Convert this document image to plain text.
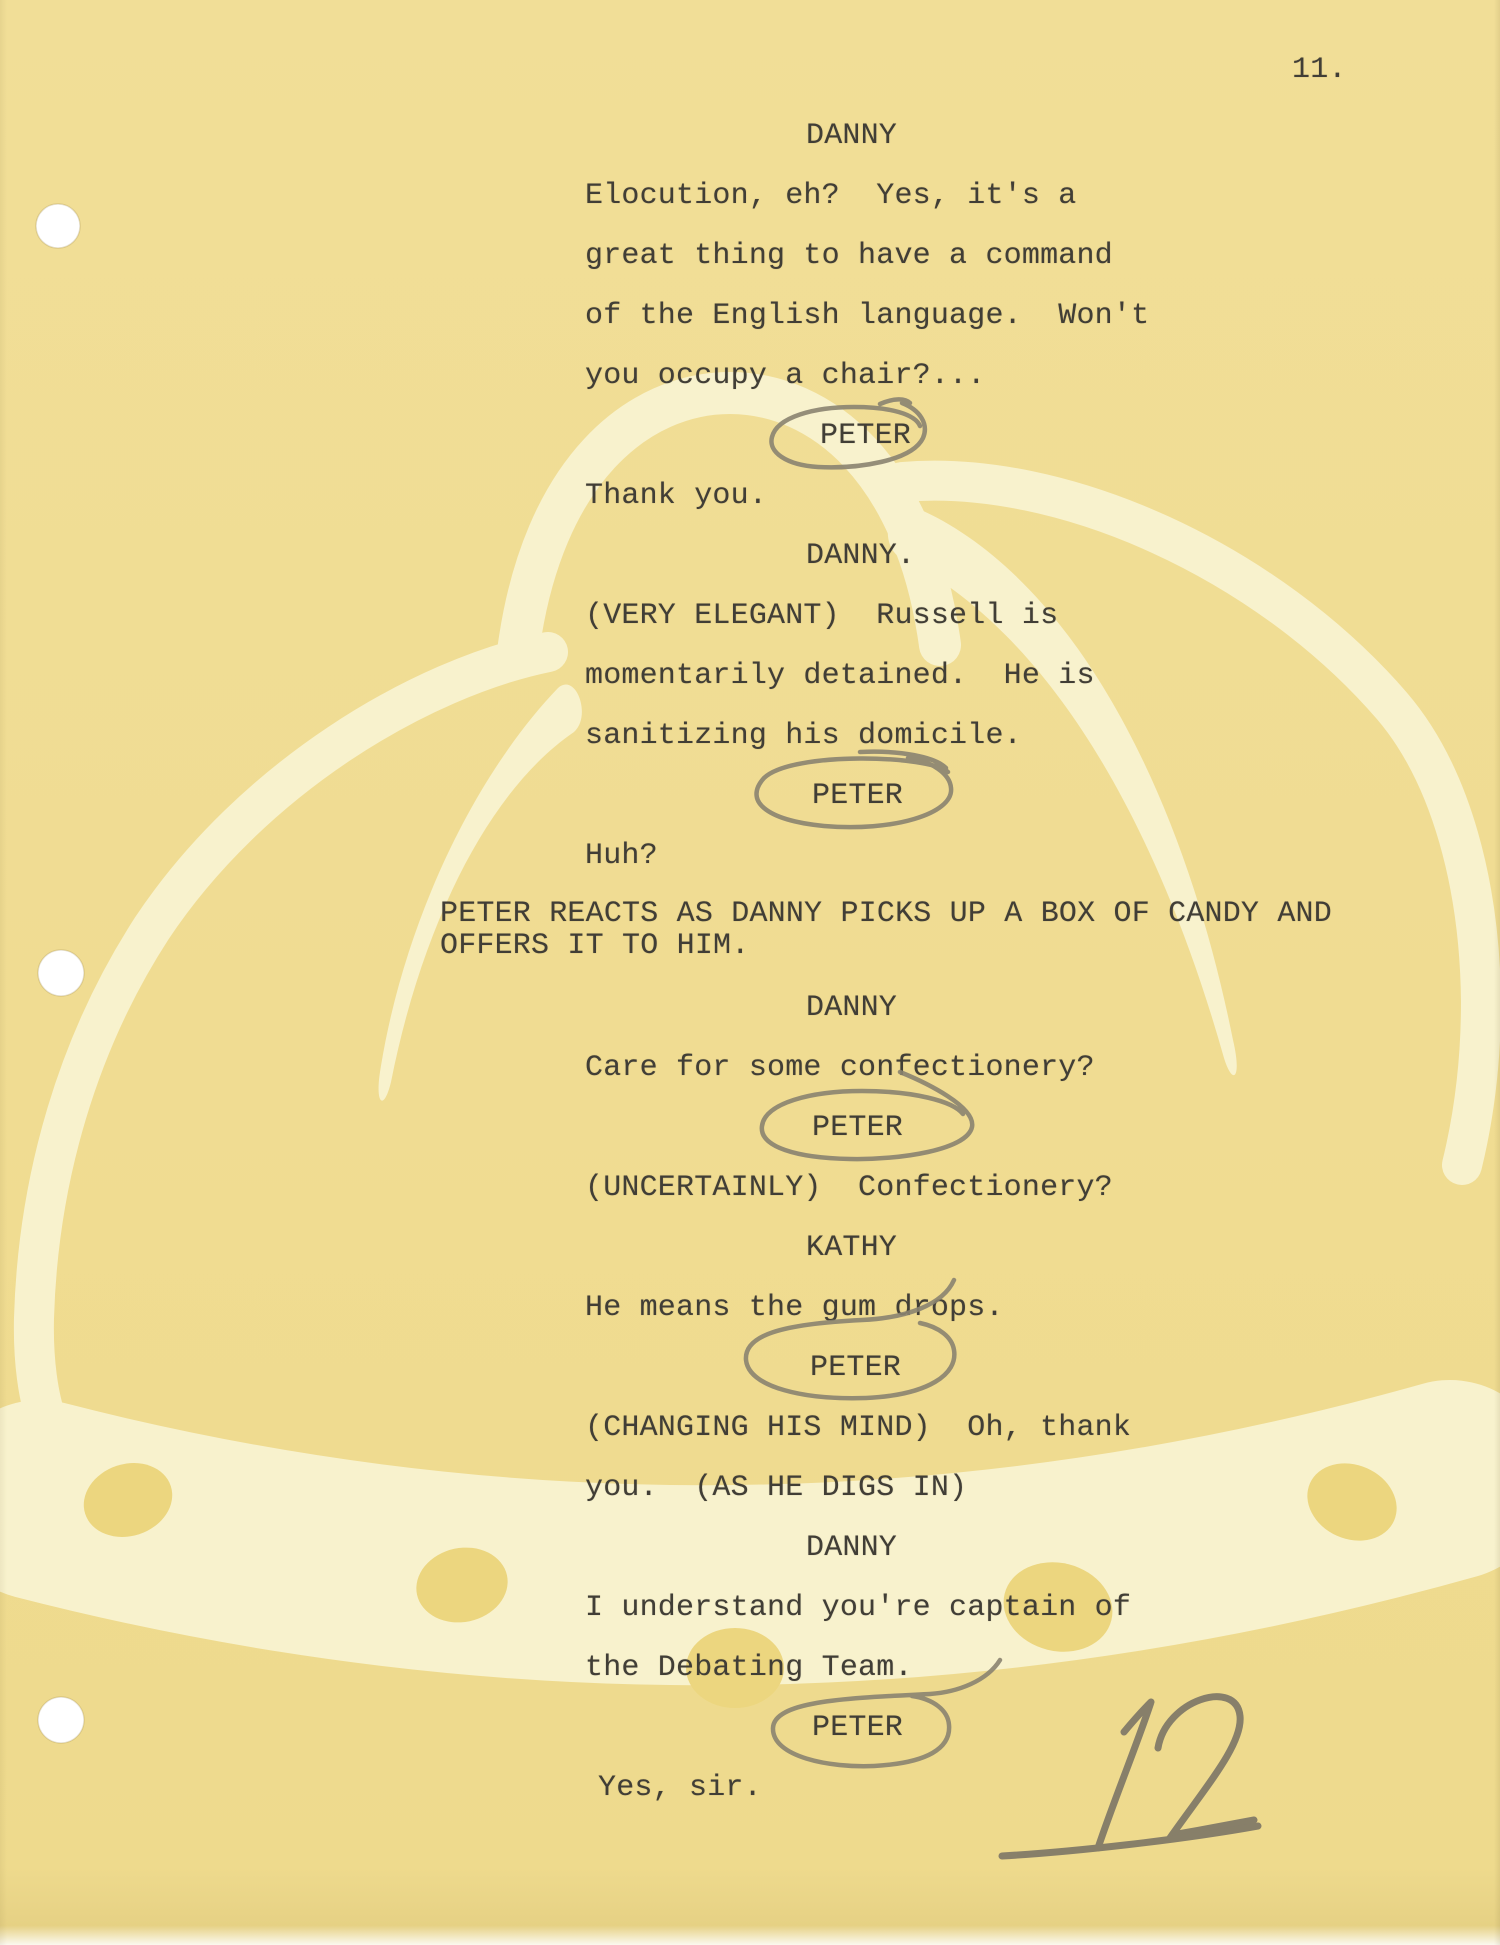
11.
DANNY
Elocution, eh?  Yes, it's a
great thing to have a command
of the English language.  Won't
you occupy a chair?...
PETER
Thank you.
DANNY.
(VERY ELEGANT)  Russell is
momentarily detained.  He is
sanitizing his domicile.
PETER
Huh?
PETER REACTS AS DANNY PICKS UP A BOX OF CANDY AND
OFFERS IT TO HIM.
DANNY
Care for some confectionery?
PETER
(UNCERTAINLY)  Confectionery?
KATHY
He means the gum drops.
PETER
(CHANGING HIS MIND)  Oh, thank
you.  (AS HE DIGS IN)
DANNY
I understand you're captain of
the Debating Team.
PETER
Yes, sir.
